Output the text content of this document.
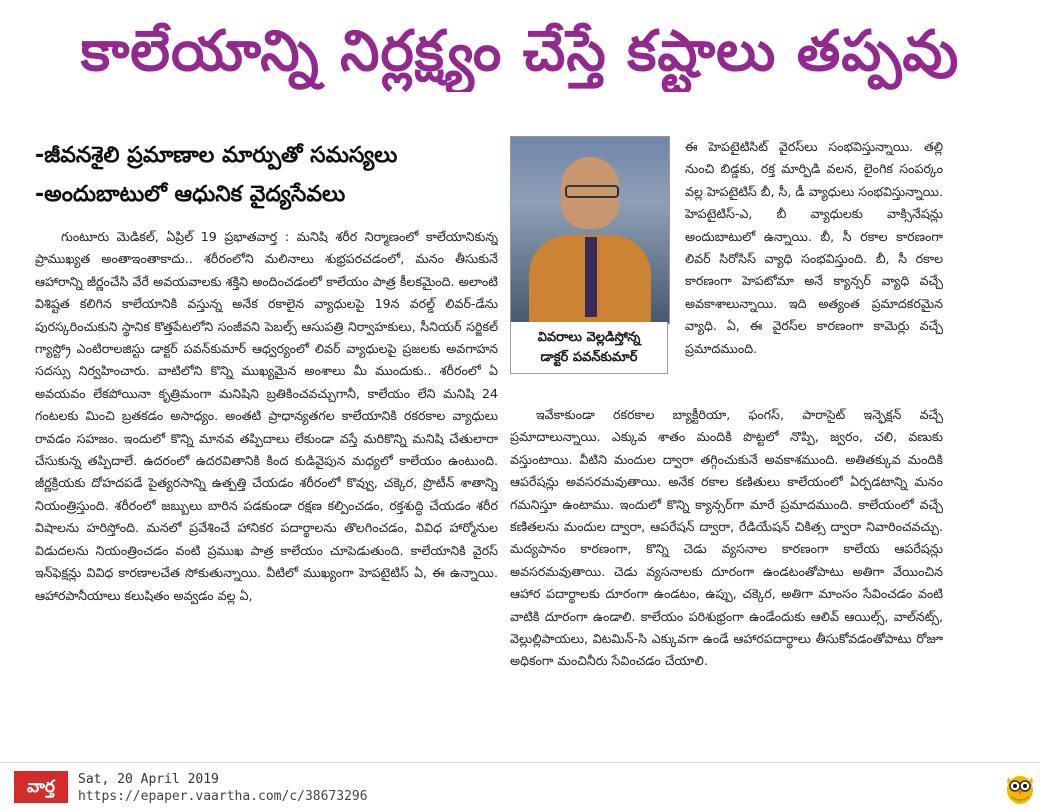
కాలేయాన్ని నిర్లక్ష్యం చేస్తే కష్టాలు తప్పవు
-జీవనశైలి ప్రమాణాల మార్పుతో సమస్యలు
-అందుబాటులో ఆధునిక వైద్యసేవలు

గుంటూరు మెడికల్, ఏప్రిల్ 19 ప్రభాతవార్త : మనిషి శరీర నిర్మాణంలో కాలేయానికున్న ప్రాముఖ్యత అంతాఇంతాకాదు.. శరీరంలోని మలినాలు శుభ్రపరచడంలో, మనం తీసుకునే ఆహారాన్ని జీర్ణంచేసి వేరే అవయవాలకు శక్తిని అందించడంలో కాలేయం పాత్ర కీలకమైంది. అలాంటి విశిష్టత కలిగిన కాలేయానికి వస్తున్న అనేక రకాలైన వ్యాధులపై 19న వరల్డ్ లివర్-డేను పురస్కరించుకుని స్థానిక కొత్తపేటలోని సంజీవని పెబల్స్ ఆసుపత్రి నిర్వాహకులు, సీనియర్ సర్జికల్ గ్యాస్ట్రో ఎంటిరాలజిస్టు డాక్టర్ పవన్‌కుమార్ ఆధ్వర్యంలో లివర్ వ్యాధులపై ప్రజలకు అవగాహన సదస్సు నిర్వహించారు. వాటిలోని కొన్ని ముఖ్యమైన అంశాలు మీ ముందుకు.. శరీరంలో ఏ అవయవం లేకపోయినా కృత్రిమంగా మనిషిని బ్రతికించవచ్చుగానీ, కాలేయం లేని మనిషి 24 గంటలకు మించి బ్రతకడం అసాధ్యం. అంతటి ప్రాధాన్యతగల కాలేయానికి రకరకాల వ్యాధులు రావడం సహజం. ఇందులో కొన్ని మానవ తప్పిదాలు లేకుండా వస్తే మరికొన్ని మనిషి చేతులారా చేసుకున్న తప్పిదాలే. ఉదరంలో ఉదరవితానికి కింద కుడివైపున మధ్యలో కాలేయం ఉంటుంది. జీర్ణక్రియకు దోహదపడే పైత్యరసాన్ని ఉత్పత్తి చేయడం శరీరంలో కొవ్వు, చక్కెర, ప్రొటీన్ శాతాన్ని నియంత్రిస్తుంది. శరీరంలో జబ్బులు బారిన పడకుండా రక్షణ కల్పించడం, రక్తశుద్ధి చేయడం శరీర విషాలను హరిస్తోంది. మనలో ప్రవేశించే హానికర పదార్థాలను తొలగించడం, వివిధ హార్మోనుల విడుదలను నియంత్రించడం వంటి ప్రముఖ పాత్ర కాలేయం చూపెడుతుంది. కాలేయానికి వైరస్ ఇన్‌ఫెక్షన్లు వివిధ కారణాలచేత సోకుతున్నాయి. వీటిలో ముఖ్యంగా హెపటైటిస్ ఏ, ఈ ఉన్నాయి. ఆహారపానీయాలు కలుషితం అవ్వడం వల్ల ఏ,

వివరాలు వెల్లడిస్తోన్న
డాక్టర్ పవన్‌కుమార్

ఈ హెపటైటిసిట్ వైరస్‌లు సంభవిస్తున్నాయి. తల్లి నుంచి బిడ్డకు, రక్త మార్పిడి వలన, లైంగిక సంపర్కం వల్ల హెపటైటిస్ బీ, సీ, డీ వ్యాధులు సంభవిస్తున్నాయి. హెపటైటిస్-ఎ, బీ వ్యాధులకు వాక్సినేషన్లు అందుబాటులో ఉన్నాయి. బీ, సీ రకాల కారణంగా లివర్ సిరోసిస్ వ్యాధి సంభవిస్తుంది. బీ, సీ రకాల కారణంగా హెపటోమా అనే క్యాన్సర్ వ్యాధి వచ్చే అవకాశాలున్నాయి. ఇది అత్యంత ప్రమాదకరమైన వ్యాధి. ఏ, ఈ వైరస్‌ల కారణంగా కామెర్లు వచ్చే ప్రమాదముంది.

ఇవేకాకుండా రకరకాల బ్యాక్టీరియా, ఫంగస్, పారాసైట్ ఇన్ఫెక్షన్ వచ్చే ప్రమాదాలున్నాయి. ఎక్కువ శాతం మందికి పొట్టలో నొప్పి, జ్వరం, చలి, వణుకు వస్తుంటాయి. వీటిని మందుల ద్వారా తగ్గించుకునే అవకాశముంది. అతితక్కువ మందికి ఆపరేషన్లు అవసరమవుతాయి. అనేక రకాల కణితులు కాలేయంలో ఏర్పడటాన్ని మనం గమనిస్తూ ఉంటాము. ఇందులో కొన్ని క్యాన్సర్‌గా మారే ప్రమాదముంది. కాలేయంలో వచ్చే కణితలను మందుల ద్వారా, ఆపరేషన్ ద్వారా, రేడియేషన్ చికిత్స ద్వారా నివారించవచ్చు. మద్యపానం కారణంగా, కొన్ని చెడు వ్యసనాల కారణంగా కాలేయ ఆపరేషన్లు అవసరమవుతాయి. చెడు వ్యసనాలకు దూరంగా ఉండటంతోపాటు అతిగా వేయించిన ఆహార పదార్థాలకు దూరంగా ఉండటం, ఉప్పు, చక్కెర, అతిగా మాంసం సేవించడం వంటి వాటికి దూరంగా ఉండాలి. కాలేయం పరిశుభ్రంగా ఉండేందుకు ఆలివ్ ఆయిల్స్, వాల్‌నట్స్, వెల్లుల్లిపాయలు, విటమిన్-సి ఎక్కువగా ఉండే ఆహారపదార్థాలు తీసుకోవడంతోపాటు రోజూ అధికంగా మంచినీరు సేవించడం చేయాలి.

వార్త	Sat, 20 April 2019
https://epaper.vaartha.com/c/38673296
